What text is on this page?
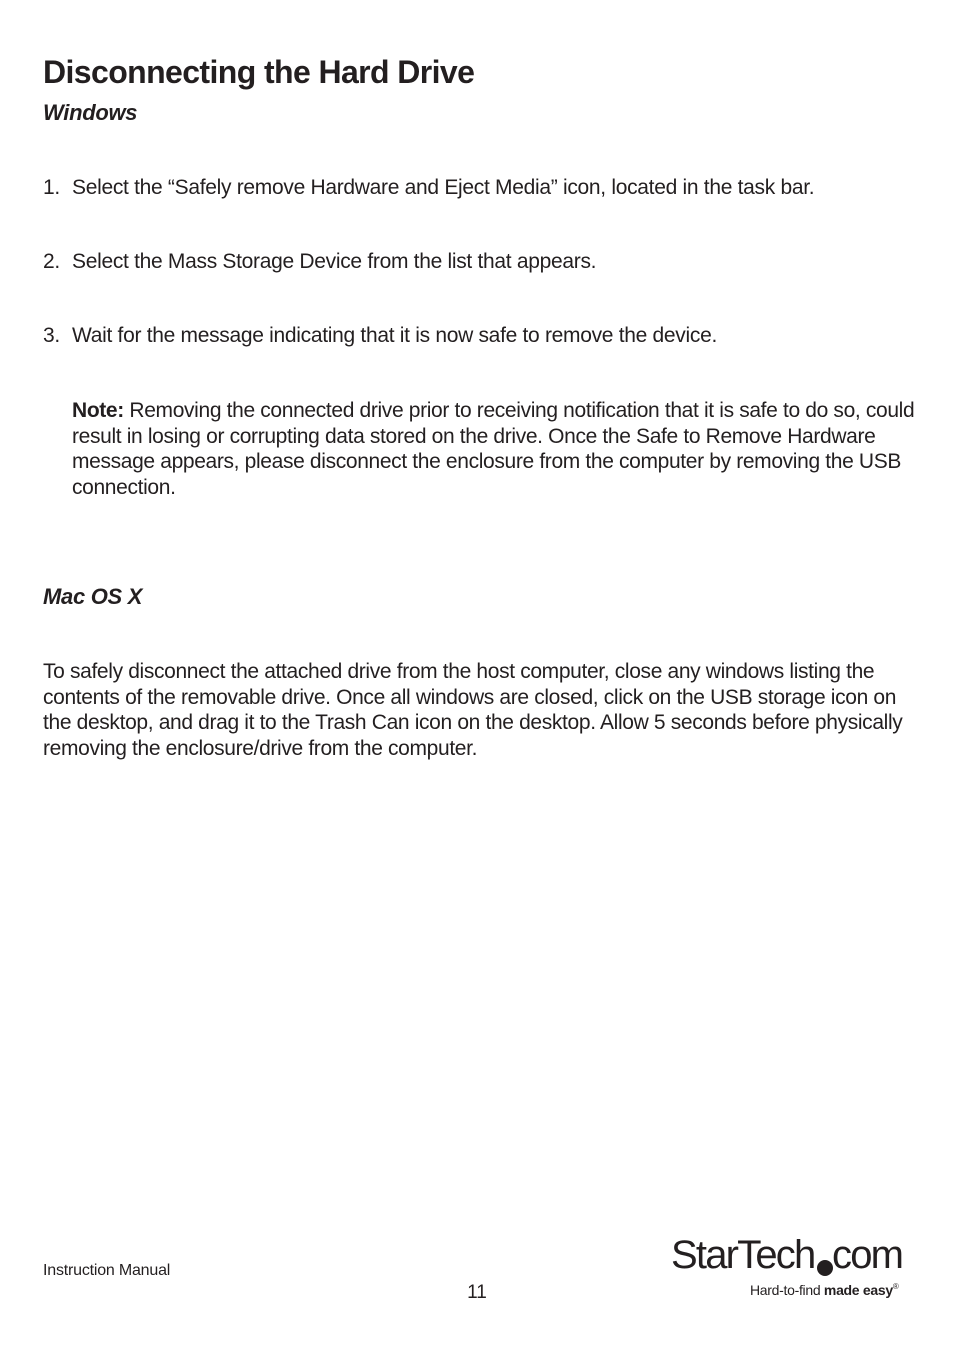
Disconnecting the Hard Drive
Windows
1. Select the “Safely remove Hardware and Eject Media” icon, located in the task bar.
2. Select the Mass Storage Device from the list that appears.
3. Wait for the message indicating that it is now safe to remove the device.
Note: Removing the connected drive prior to receiving notification that it is safe to do so, could result in losing or corrupting data stored on the drive. Once the Safe to Remove Hardware message appears, please disconnect the enclosure from the computer by removing the USB connection.
Mac OS X
To safely disconnect the attached drive from the host computer, close any windows listing the contents of the removable drive. Once all windows are closed, click on the USB storage icon on the desktop, and drag it to the Trash Can icon on the desktop. Allow 5 seconds before physically removing the enclosure/drive from the computer.
Instruction Manual
11
StarTech com
Hard-to-find made easy®
